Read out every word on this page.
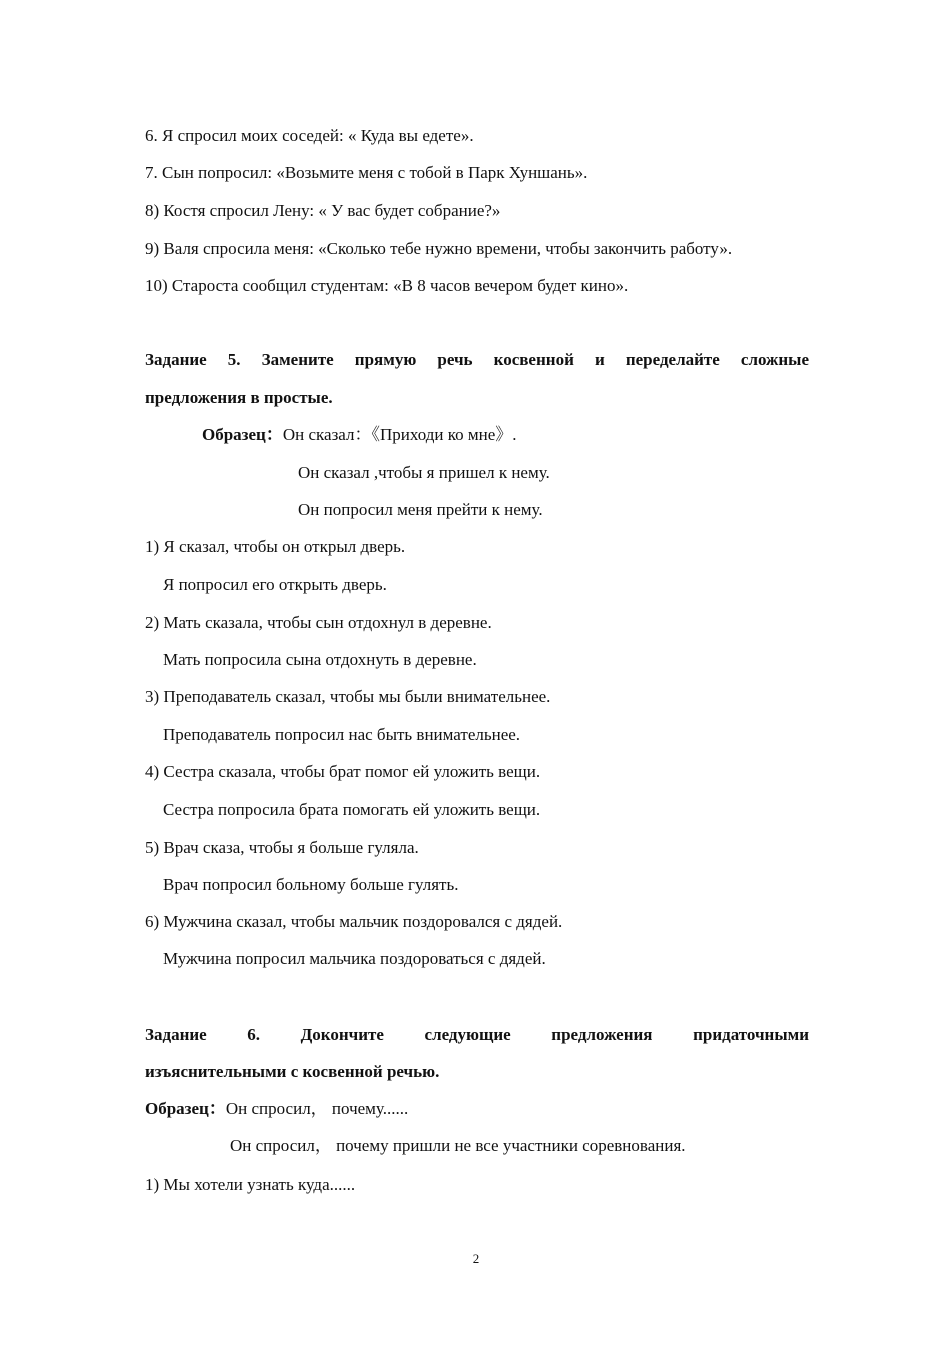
6. Я спросил моих соседей: « Куда вы едете».
7. Сын попросил: «Возьмите меня с тобой в Парк Хуншань».
8) Костя спросил Лену: « У вас будет собрание?»
9) Валя спросила меня: «Сколько тебе нужно времени, чтобы закончить работу».
10) Староста сообщил студентам: «В 8 часов вечером будет кино».
Задание 5. Замените прямую речь косвенной и переделайте сложные
предложения в простые.
Образец：Он сказал：《Приходи ко мне》.
Он сказал ,чтобы я пришел к нему.
Он попросил меня прейти к нему.
1) Я сказал, чтобы он открыл дверь.
Я попросил его открыть дверь.
2) Мать сказала, чтобы сын отдохнул в деревне.
Мать попросила сына отдохнуть в деревне.
3) Преподаватель сказал, чтобы мы были внимательнее.
Преподаватель попросил нас быть внимательнее.
4) Сестра сказала, чтобы брат помог ей уложить вещи.
Сестра попросила брата помогать ей уложить вещи.
5) Врач сказа, чтобы я больше гуляла.
Врач попросил больному больше гулять.
6) Мужчина сказал, чтобы мальчик поздоровался с дядей.
Мужчина попросил мальчика поздороваться с дядей.
Задание 6. Докончите следующие предложения придаточными
изъяснительными с косвенной речью.
Образец：Он спросил， почему......
Он спросил， почему пришли не все участники соревнования.
1) Мы хотели узнать куда......
2
